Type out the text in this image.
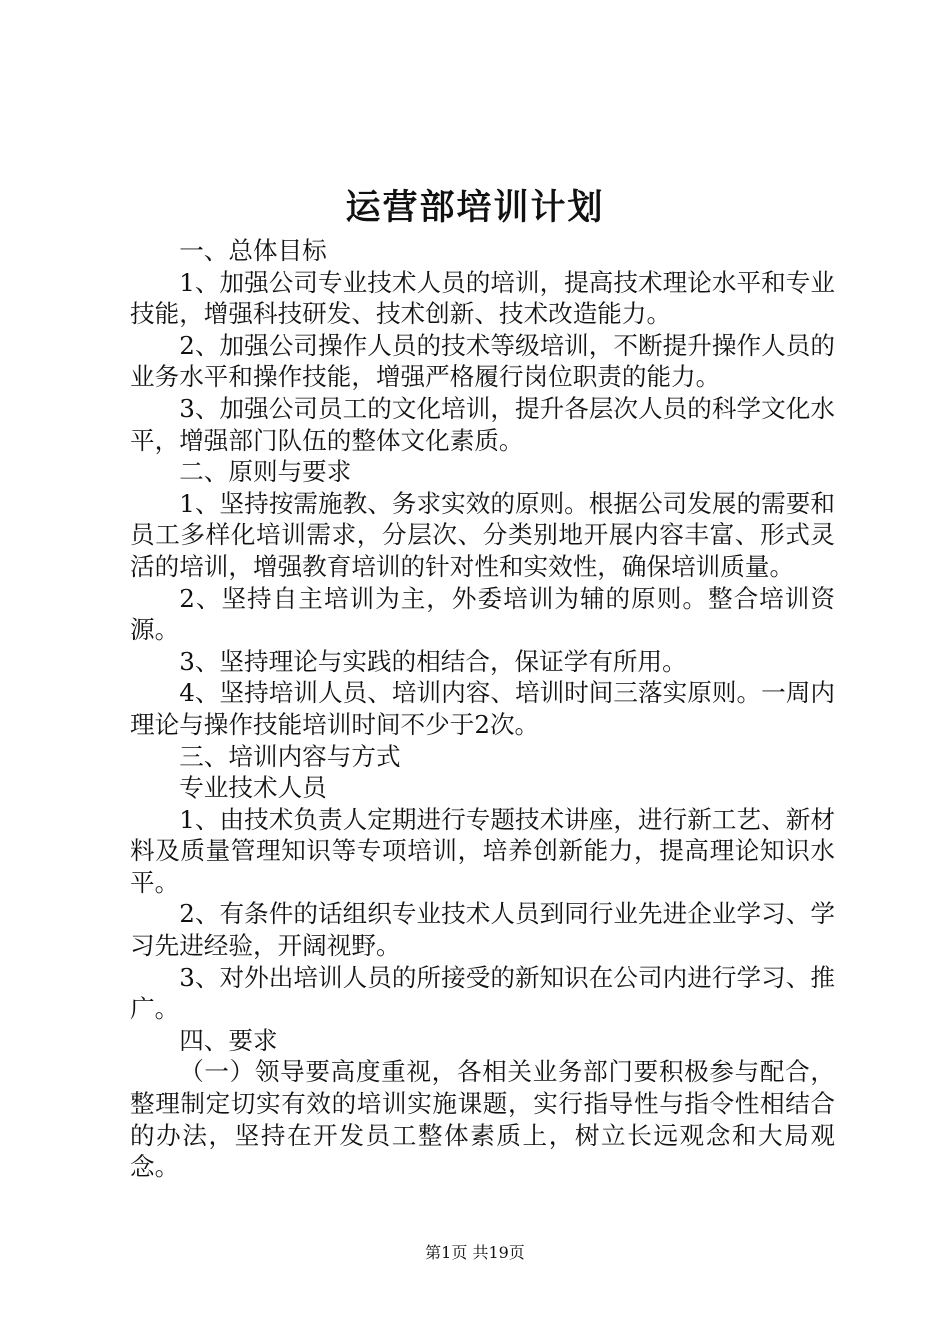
运营部培训计划

一、总体目标

1、加强公司专业技术人员的培训，提高技术理论水平和专业技能，增强科技研发、技术创新、技术改造能力。

2、加强公司操作人员的技术等级培训，不断提升操作人员的业务水平和操作技能，增强严格履行岗位职责的能力。

3、加强公司员工的文化培训，提升各层次人员的科学文化水平，增强部门队伍的整体文化素质。

二、原则与要求

1、坚持按需施教、务求实效的原则。根据公司发展的需要和员工多样化培训需求，分层次、分类别地开展内容丰富、形式灵活的培训，增强教育培训的针对性和实效性，确保培训质量。

2、坚持自主培训为主，外委培训为辅的原则。整合培训资源。

3、坚持理论与实践的相结合，保证学有所用。

4、坚持培训人员、培训内容、培训时间三落实原则。一周内理论与操作技能培训时间不少于2次。

三、培训内容与方式

专业技术人员

1、由技术负责人定期进行专题技术讲座，进行新工艺、新材料及质量管理知识等专项培训，培养创新能力，提高理论知识水平。

2、有条件的话组织专业技术人员到同行业先进企业学习、学习先进经验，开阔视野。

3、对外出培训人员的所接受的新知识在公司内进行学习、推广。

四、要求

（一）领导要高度重视，各相关业务部门要积极参与配合，整理制定切实有效的培训实施课题，实行指导性与指令性相结合的办法，坚持在开发员工整体素质上，树立长远观念和大局观念。

第1页 共19页
